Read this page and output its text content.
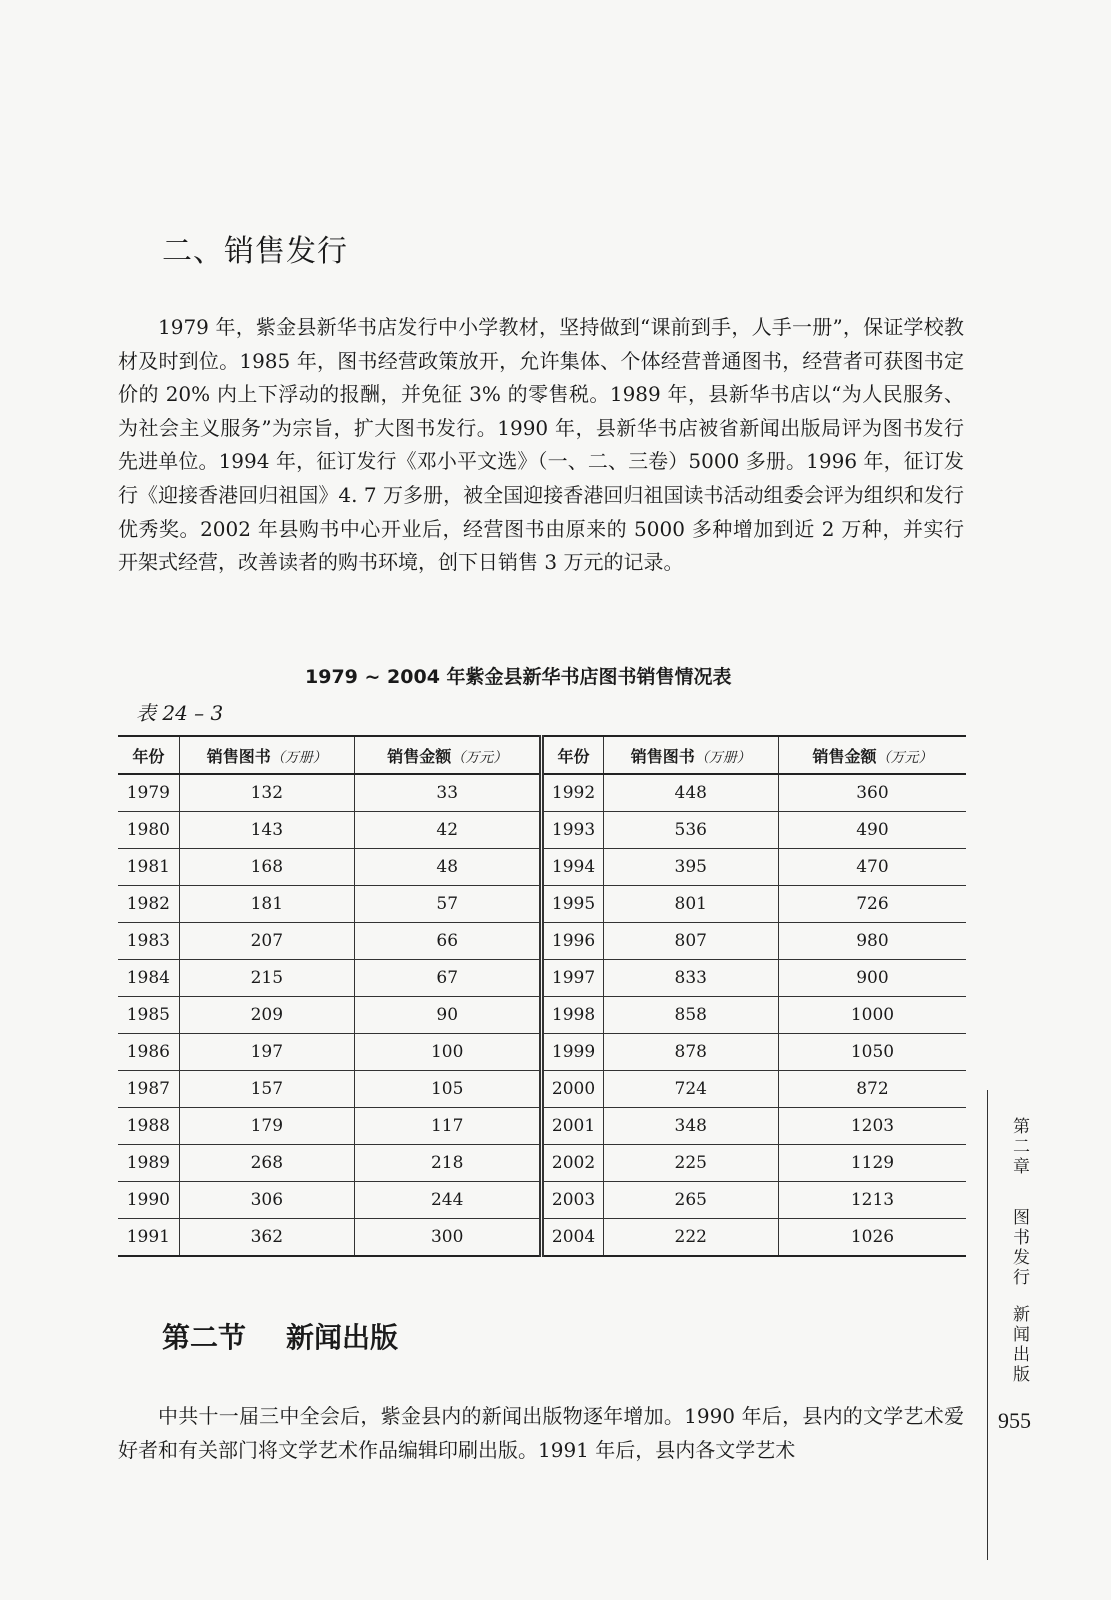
二、销售发行

1979 年，紫金县新华书店发行中小学教材，坚持做到“课前到手，人手一册”，保证学校教材及时到位。1985 年，图书经营政策放开，允许集体、个体经营普通图书，经营者可获图书定价的 20% 内上下浮动的报酬，并免征 3% 的零售税。1989 年，县新华书店以“为人民服务、为社会主义服务”为宗旨，扩大图书发行。1990 年，县新华书店被省新闻出版局评为图书发行先进单位。1994 年，征订发行《邓小平文选》（一、二、三卷）5000 多册。1996 年，征订发行《迎接香港回归祖国》4. 7 万多册，被全国迎接香港回归祖国读书活动组委会评为组织和发行优秀奖。2002 年县购书中心开业后，经营图书由原来的 5000 多种增加到近 2 万种，并实行开架式经营，改善读者的购书环境，创下日销售 3 万元的记录。

1979 ~ 2004 年紫金县新华书店图书销售情况表
表 24 – 3
年份	销售图书（万册）	销售金额（万元）	年份	销售图书（万册）	销售金额（万元）
1979	132	33	1992	448	360
1980	143	42	1993	536	490
1981	168	48	1994	395	470
1982	181	57	1995	801	726
1983	207	66	1996	807	980
1984	215	67	1997	833	900
1985	209	90	1998	858	1000
1986	197	100	1999	878	1050
1987	157	105	2000	724	872
1988	179	117	2001	348	1203
1989	268	218	2002	225	1129
1990	306	244	2003	265	1213
1991	362	300	2004	222	1026
第二节 新闻出版

中共十一届三中全会后，紫金县内的新闻出版物逐年增加。1990 年后，县内的文学艺术爱好者和有关部门将文学艺术作品编辑印刷出版。1991 年后，县内各文学艺术

第二章
图书发行
新闻出版
955
